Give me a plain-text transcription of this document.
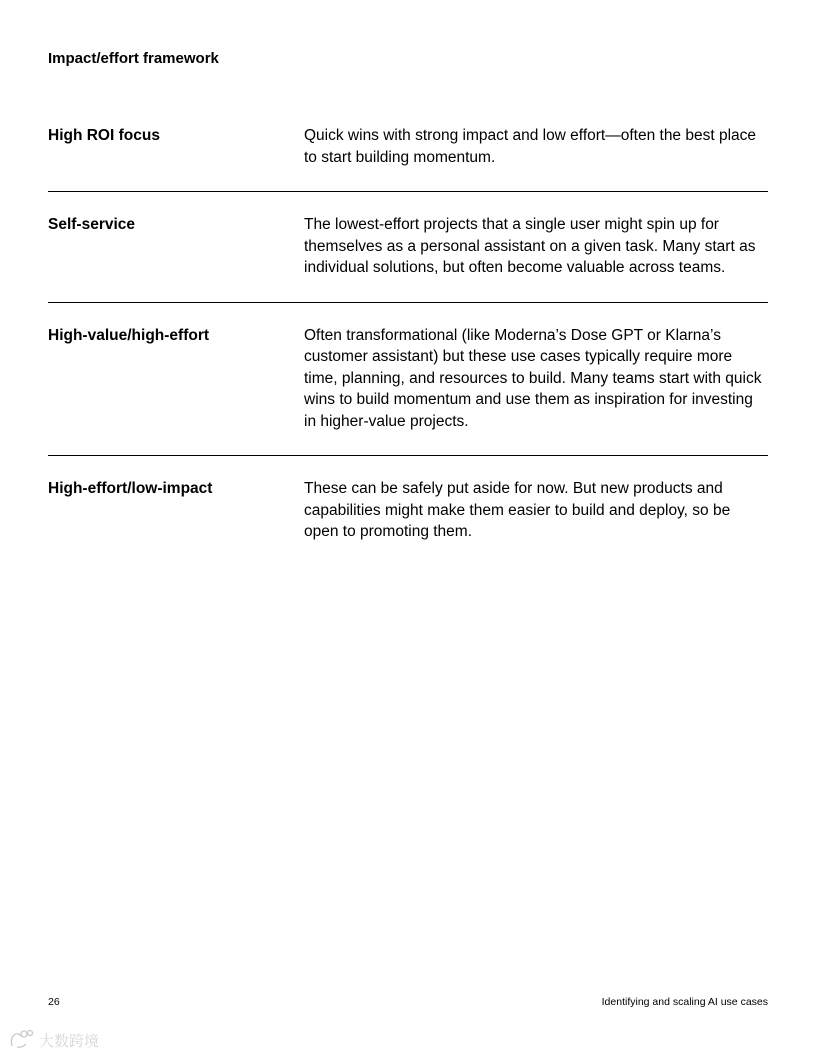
Impact/effort framework
High ROI focus	Quick wins with strong impact and low effort—often the best place to start building momentum.
Self-service	The lowest-effort projects that a single user might spin up for themselves as a personal assistant on a given task. Many start as individual solutions, but often become valuable across teams.
High-value/high-effort	Often transformational (like Moderna’s Dose GPT or Klarna’s customer assistant) but these use cases typically require more time, planning, and resources to build. Many teams start with quick wins to build momentum and use them as inspiration for investing in higher-value projects.
High-effort/low-impact	These can be safely put aside for now. But new products and capabilities might make them easier to build and deploy, so be open to promoting them.
26	Identifying and scaling AI use cases
大数跨境
